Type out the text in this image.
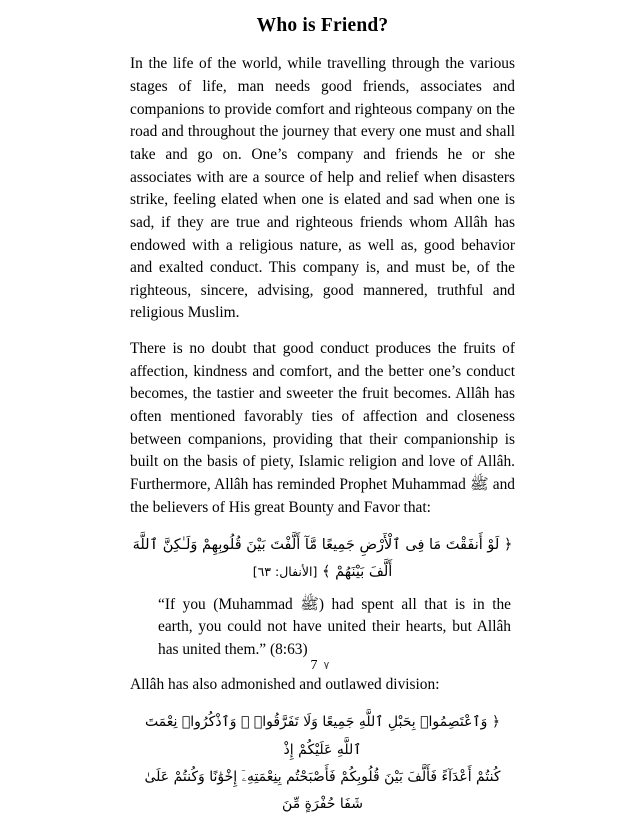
Who is Friend?

In the life of the world, while travelling through the various stages of life, man needs good friends, associates and companions to provide comfort and righteous company on the road and throughout the journey that every one must and shall take and go on. One’s company and friends he or she associates with are a source of help and relief when disasters strike, feeling elated when one is elated and sad when one is sad, if they are true and righteous friends whom Allâh has endowed with a religious nature, as well as, good behavior and exalted conduct. This company is, and must be, of the righteous, sincere, advising, good mannered, truthful and religious Muslim.

There is no doubt that good conduct produces the fruits of affection, kindness and comfort, and the better one’s conduct becomes, the tastier and sweeter the fruit becomes. Allâh has often mentioned favorably ties of affection and closeness between companions, providing that their companionship is built on the basis of piety, Islamic religion and love of Allâh. Furthermore, Allâh has reminded Prophet Muhammad ﷺ and the believers of His great Bounty and Favor that:

﴿ لَوْ أَنفَقْتَ مَا فِى ٱلْأَرْضِ جَمِيعًا مَّآ أَلَّفْتَ بَيْنَ قُلُوبِهِمْ وَلَـٰكِنَّ ٱللَّهَ أَلَّفَ بَيْنَهُمْ ﴾ [الأنفال: ٦٣]

“If you (Muhammad ﷺ) had spent all that is in the earth, you could not have united their hearts, but Allâh has united them.” (8:63)

Allâh has also admonished and outlawed division:

﴿ وَٱعْتَصِمُوا۟ بِحَبْلِ ٱللَّهِ جَمِيعًا وَلَا تَفَرَّقُوا۟ ۚ وَٱذْكُرُوا۟ نِعْمَتَ ٱللَّهِ عَلَيْكُمْ إِذْ
كُنتُمْ أَعْدَآءً فَأَلَّفَ بَيْنَ قُلُوبِكُمْ فَأَصْبَحْتُم بِنِعْمَتِهِۦٓ إِخْوَٰنًا وَكُنتُمْ عَلَىٰ شَفَا حُفْرَةٍ مِّنَ
7 ٧
